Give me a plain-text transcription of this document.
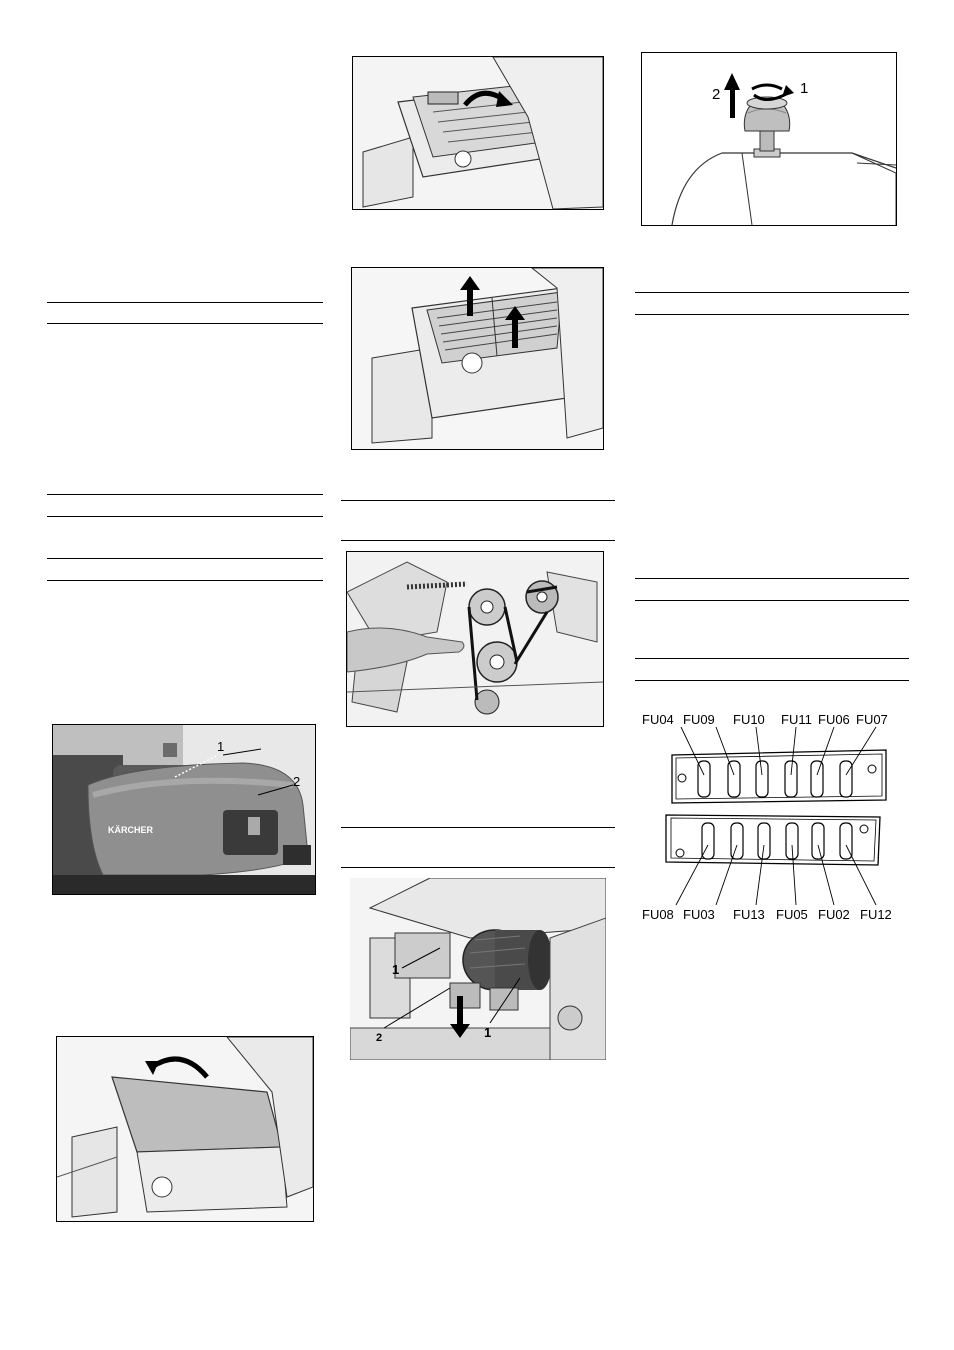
KÄRCHER
1
2
1
2	1
2	1
FU04 FU09 FU10 FU11 FU06 FU07
FU08 FU03 FU13 FU05 FU02 FU12
